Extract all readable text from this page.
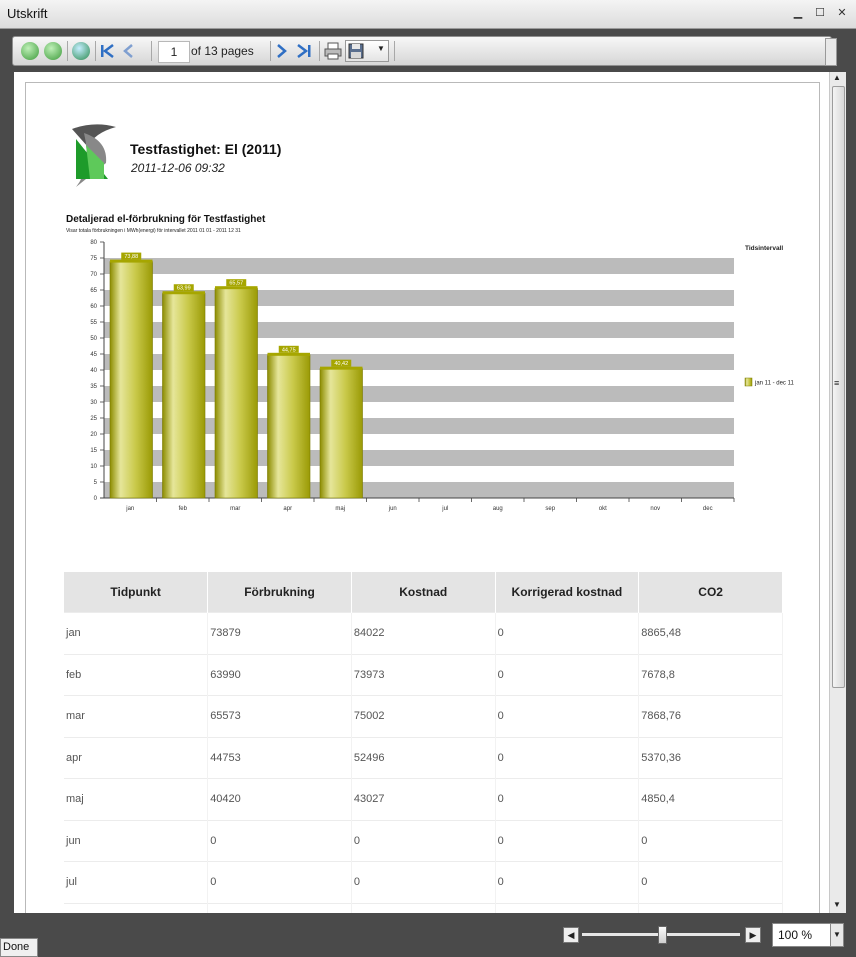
Utskrift	▁ ☐ ✕
1	of 13 pages	▼
Testfastighet: El (2011)
2011-12-06 09:32
Detaljerad el-förbrukning för Testfastighet
Visar totala förbrukningen i MWh(energi) för intervallet 2011 01 01 - 2011 12 31
0
5
10
15
20
25
30
35
40
45
50
55
60
65
70
75
80
jan	feb	mar	apr	maj	jun	jul	aug	sep	okt	nov	dec
73,88
63,99
65,57
44,75
40,42
Tidsintervall
jan 11 - dec 11
Tidpunkt	Förbrukning	Kostnad	Korrigerad kostnad	CO2
jan	73879	84022	0	8865,48
feb	63990	73973	0	7678,8
mar	65573	75002	0	7868,76
apr	44753	52496	0	5370,36
maj	40420	43027	0	4850,4
jun	0	0	0	0
jul	0	0	0	0

▲
≡
▼
Done
◀	▶	100 %	▼
